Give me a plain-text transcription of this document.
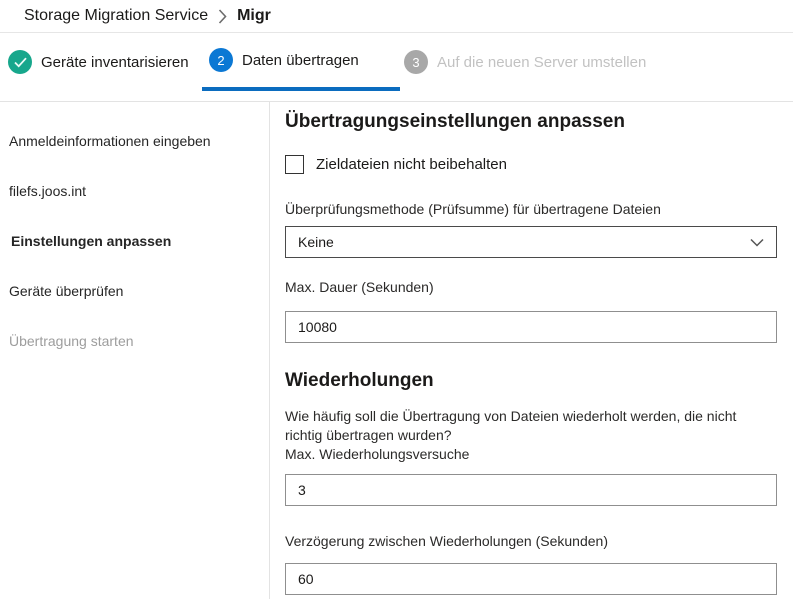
Storage Migration Service Migr
Geräte inventarisieren	2	Daten übertragen	3	Auf die neuen Server umstellen
Anmeldeinformationen eingeben
filefs.joos.int
Einstellungen anpassen
Geräte überprüfen
Übertragung starten
Übertragungseinstellungen anpassen
Zieldateien nicht beibehalten
Überprüfungsmethode (Prüfsumme) für übertragene Dateien
Keine
Max. Dauer (Sekunden)
10080
Wiederholungen
Wie häufig soll die Übertragung von Dateien wiederholt werden, die nicht richtig übertragen wurden?
Max. Wiederholungsversuche
3
Verzögerung zwischen Wiederholungen (Sekunden)
60
